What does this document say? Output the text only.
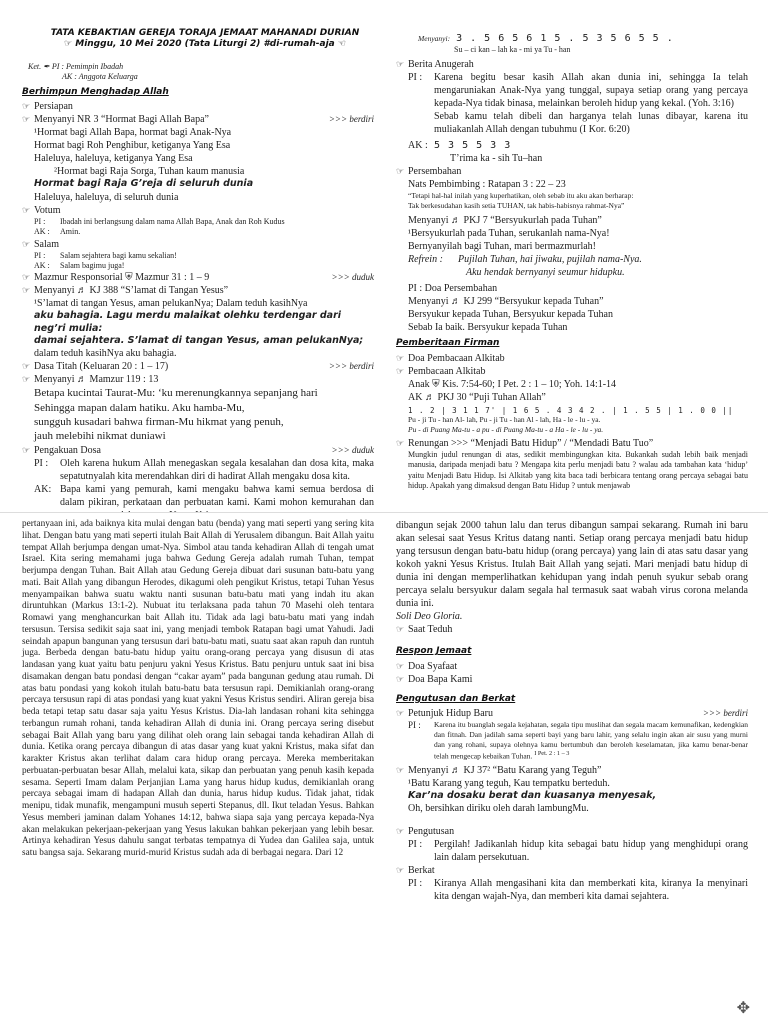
TATA KEBAKTIAN GEREJA TORAJA JEMAAT MAHANADI DURIAN
☞ Minggu, 10 Mei 2020 (Tata Liturgi 2) #di-rumah-aja ☜
Ket. ✒ PI : Pemimpin Ibadah
AK : Anggota Keluarga
Berhimpun Menghadap Allah
☞ Persiapan
☞ Menyanyi NR 3 “Hormat Bagi Allah Bapa”	>>> berdiri
¹Hormat bagi Allah Bapa, hormat bagi Anak-Nya
Hormat bagi Roh Penghibur, ketiganya Yang Esa
Haleluya, haleluya, ketiganya Yang Esa
²Hormat bagi Raja Sorga, Tuhan kaum manusia
Hormat bagi Raja G’reja di seluruh dunia
Haleluya, haleluya, di seluruh dunia
☞ Votum
PI : Ibadah ini berlangsung dalam nama Allah Bapa, Anak dan Roh Kudus
AK : Amin.
☞ Salam
PI : Salam sejahtera bagi kamu sekalian!
AK : Salam bagimu juga!
☞ Mazmur Responsorial ⛨ Mazmur 31 : 1 – 9	>>> duduk
☞ Menyanyi ♬ KJ 388 “S’lamat di Tangan Yesus”
¹S’lamat di tangan Yesus, aman pelukanNya; Dalam teduh kasihNya
aku bahagia. Lagu merdu malaikat olehku terdengar dari neg’ri mulia:
damai sejahtera. S’lamat di tangan Yesus, aman pelukanNya;
dalam teduh kasihNya aku bahagia.
☞ Dasa Titah (Keluaran 20 : 1 – 17)	>>> berdiri
☞ Menyanyi ♬ Mamzur 119 : 13
Betapa kucintai Taurat-Mu: ‘ku merenungkannya sepanjang hari
Sehingga mapan dalam hatiku. Aku hamba-Mu,
sungguh kusadari bahwa firman-Mu hikmat yang penuh,
jauh melebihi nikmat duniawi
☞ Pengakuan Dosa	>>> duduk
PI :	Oleh karena hukum Allah menegaskan segala kesalahan dan dosa kita, maka sepatutnyalah kita merendahkan diri di hadirat Allah mengaku dosa kita.
AK: Bapa kami yang pemurah, kami mengaku bahwa kami semua berdosa di dalam pikiran, perkataan dan perbuatan kami. Kami mohon kemurahan dan
Menyanyi: 3 . 5 6 5 6 1 5 . 5 3 5 6 5 5 .
Su – ci kan – lah ka - mi ya Tu - han
☞ Berita Anugerah
PI :	Karena begitu besar kasih Allah akan dunia ini, sehingga Ia telah mengaruniakan Anak-Nya yang tunggal, supaya setiap orang yang percaya kepada-Nya tidak binasa, melainkan beroleh hidup yang kekal. (Yoh. 3:16)
Sebab kamu telah dibeli dan harganya telah lunas dibayar, karena itu muliakanlah Allah dengan tubuhmu (I Kor. 6:20)
AK : 5 3 5 5 3 3
T’rima ka - sih Tu–han
☞ Persembahan
Nats Pembimbing : Ratapan 3 : 22 – 23
“Tetapi hal-hal inilah yang kuperhatikan, oleh sebab itu aku akan berharap:
Tak berkesudahan kasih setia TUHAN, tak habis-habisnya rahmat-Nya”
Menyanyi ♬ PKJ 7 “Bersyukurlah pada Tuhan”
¹Bersyukurlah pada Tuhan, serukanlah nama-Nya!
Bernyanyilah bagi Tuhan, mari bermazmurlah!
Refrein :	Pujilah Tuhan, hai jiwaku, pujilah nama-Nya.
Aku hendak bernyanyi seumur hidupku.
PI : Doa Persembahan
Menyanyi ♬ KJ 299 “Bersyukur kepada Tuhan”
Bersyukur kepada Tuhan, Bersyukur kepada Tuhan
Sebab Ia baik. Bersyukur kepada Tuhan
Pemberitaan Firman
☞ Doa Pembacaan Alkitab
☞ Pembacaan Alkitab
Anak ⛨ Kis. 7:54-60; I Pet. 2 : 1 – 10; Yoh. 14:1-14
AK ♬ PKJ 30 “Puji Tuhan Allah”
1 . 2 | 3 1 1 7' | 1 6 5 . 4 3 4 2 . | 1 . 5 5 | 1 . 0 0 ||
Pu - ji Tu - han Al- lah, Pu - ji Tu - han Al - lah, Ha - le - lu - ya.
Pu - di Puang Ma-tu - a pu - di Puang Ma-tu - a Ha - le - lu - ya.
☞ Renungan >>> “Menjadi Batu Hidup” / “Mendadi Batu Tuo”
Mungkin judul renungan di atas, sedikit membingungkan kita. Bukankah sudah lebih baik menjadi manusia, daripada menjadi batu ? Mengapa kita perlu menjadi batu ? walau ada tambahan kata ‘hidup’ yaitu Menjadi Batu Hidup. Isi Alkitab yang kita baca tadi berbicara tentang orang percaya sebagai batu hidup. Apakah yang dimaksud dengan Batu Hidup ? untuk menjawab
pertanyaan ini, ada baiknya kita mulai dengan batu (benda) yang mati seperti yang sering kita lihat. Dengan batu yang mati seperti itulah Bait Allah di Yerusalem dibangun. Bait Allah yaitu tempat Allah berjumpa dengan umat-Nya. Simbol atau tanda kehadiran Allah di tengah umat Israel. Kita sering memahami juga bahwa Gedung Gereja adalah rumah Tuhan, tempat berjumpa dengan Tuhan. Bait Allah atau Gedung Gereja dibuat dari susunan batu-batu yang mati. Bait Allah yang dibangun Herodes, dikagumi oleh pengikut Kristus, tetapi Tuhan Yesus menyampaikan bahwa suatu waktu nanti susunan batu-batu mati yang indah itu akan diruntuhkan (Markus 13:1-2). Nubuat itu terlaksana pada tahun 70 Masehi oleh tentara Romawi yang menghancurkan bait Allah itu. Tidak ada lagi batu-batu mati yang indah tersusun. Tersisa sedikit saja saat ini, yang menjadi tembok Ratapan bagi umat Yahudi. Jadi seindah apapun bangunan yang tersusun dari batu-batu mati, suatu saat akan rapuh dan runtuh juga. Berbeda dengan batu-batu hidup yaitu orang-orang percaya yang disusun di atas landasan yang kuat yaitu batu penjuru yakni Yesus Kristus. Batu penjuru untuk saat ini bisa disamakan dengan batu pondasi dengan “cakar ayam” pada bangunan gedung atau rumah. Di atas batu pondasi yang kokoh itulah batu-batu bata tersusun rapi. Demikianlah orang-orang percaya tersusun rapi di atas pondasi yang kuat yakni Yesus Kristus sendiri. Aliran gereja bisa beda tetapi tetap satu dasar saja yaitu Yesus Kristus. Dia-lah landasan rohani kita sehingga terbangun rumah rohani, tanda kehadiran Allah di dunia ini. Orang percaya sering disebut sebagai Bait Allah yang baru yang dilihat oleh orang lain sebagai tanda kehadiran Allah di dunia. Ketika orang percaya dibangun di atas dasar yang kuat yakni Kristus, maka sifat dan karakter Kristus akan terlihat dalam cara hidup orang percaya. Mereka memberitakan perbuatan-perbuatan besar Allah, melalui kata, sikap dan perbuatan yang penuh kasih kepada sesama. Seperti Imam dalam Perjanjian Lama yang harus hidup kudus, demikianlah orang percaya sebagai imam di hadapan Allah dan dunia, harus hidup kudus. Tidak jahat, tidak menipu, tidak munafik, mengampuni musuh seperti Stepanus, dll. Ikut teladan Yesus. Bahkan Yesus memberi jaminan dalam Yohanes 14:12, bahwa siapa saja yang percaya kepada-Nya akan melakukan pekerjaan-pekerjaan yang Yesus lakukan bahkan pekerjaan yang lebih besar. Artinya kehadiran Yesus dahulu sangat terbatas tempatnya di Yudea dan Galilea saja, untuk satu bangsa saja. Sekarang murid-murid Kristus sudah ada di berbagai negara. Dari 12
dibangun sejak 2000 tahun lalu dan terus dibangun sampai sekarang. Rumah ini baru akan selesai saat Yesus Kritus datang nanti. Setiap orang percaya menjadi batu hidup yang tersusun dengan batu-batu hidup (orang percaya) yang lain di atas satu dasar yang kokoh yakni Yesus Kristus. Itulah Bait Allah yang sejati. Mari menjadi batu hidup di dunia ini dengan memperlihatkan kehidupan yang indah penuh syukur sebab orang percaya selalu bersyukur dalam segala hal termasuk saat wabah virus corona melanda dunia ini.
Soli Deo Gloria.
☞ Saat Teduh
Respon Jemaat
☞ Doa Syafaat
☞ Doa Bapa Kami
Pengutusan dan Berkat
☞ Petunjuk Hidup Baru	>>> berdiri
PI :	Karena itu buanglah segala kejahatan, segala tipu muslihat dan segala macam kemunafikan, kedengkian dan fitnah. Dan jadilah sama seperti bayi yang baru lahir, yang selalu ingin akan air susu yang murni dan yang rohani, supaya olehnya kamu bertumbuh dan beroleh keselamatan, jika kamu benar-benar telah mengecap kebaikan Tuhan. $^{I Pet. 2 : 1 - 3}$
☞ Menyanyi ♬ KJ 37² “Batu Karang yang Teguh”
¹Batu Karang yang teguh, Kau tempatku berteduh.
Kar’na dosaku berat dan kuasanya menyesak,
Oh, bersihkan diriku oleh darah lambungMu.
☞ Pengutusan
PI :	Pergilah! Jadikanlah hidup kita sebagai batu hidup yang menghidupi orang lain dalam persekutuan.
☞ Berkat
PI :	Kiranya Allah mengasihani kita dan memberkati kita, kiranya Ia menyinari kita dengan wajah-Nya, dan memberi kita damai sejahtera.
✥
